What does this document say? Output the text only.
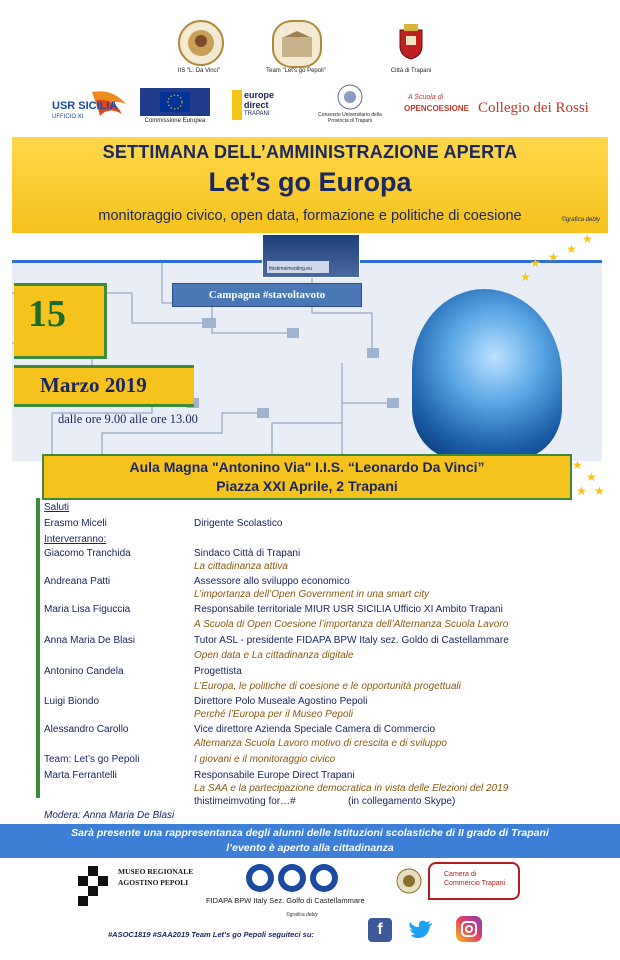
IIS "L. Da Vinci"	Team "Let's go Pepoli"	Città di Trapani
USR SICILIA
UFFICIO XI
Commissione Europea
europe
direct
TRAPANI	Consorzio Universitario della Provincia di Trapani
A Scuola di
OPENCOESIONE Collegio dei Rossi
SETTIMANA DELL’AMMINISTRAZIONE APERTA
Let’s go Europa
monitoraggio civico, open data, formazione e politiche di coesione	©grafica debly
thistimeimvoting.eu
Campagna #stavoltavoto
15
Marzo 2019
dalle ore 9.00 alle ore 13.00
★
★
★
★
★
★
★
★ ★
Aula Magna "Antonino Via" I.I.S. “Leonardo Da Vinci”
Piazza XXI Aprile, 2 Trapani
Saluti
Erasmo Miceli	Dirigente Scolastico
Interverranno:
Giacomo Tranchida	Sindaco Città di Trapani
La cittadinanza attiva
Andreana Patti	Assessore allo sviluppo economico
L’importanza dell’Open Government in una smart city
Maria Lisa Figuccia	Responsabile territoriale MIUR USR SICILIA Ufficio XI Ambito Trapani
A Scuola di Open Coesione l’importanza dell’Alternanza Scuola Lavoro
Anna Maria De Blasi	Tutor ASL - presidente FIDAPA BPW Italy sez. Goldo di Castellammare
Open data e La cittadinanza digitale
Antonino Candela	Progettista
L’Europa, le politiche di coesione e le opportunità progettuali
Luigi Biondo	Direttore Polo Museale Agostino Pepoli
Perché l’Europa per il Museo Pepoli
Alessandro Carollo	Vice direttore Azienda Speciale Camera di Commercio
Alternanza Scuola Lavoro motivo di crescita e di sviluppo
Team: Let’s go Pepoli	I giovani e il monitoraggio civico
Marta Ferrantelli	Responsabile Europe Direct Trapani
La SAA e la partecipazione democratica in vista delle Elezioni del 2019
thistimeimvoting for…#	(in collegamento Skype)
Modera: Anna Maria De Blasi
Sarà presente una rappresentanza degli alunni delle Istituzioni scolastiche di II grado di Trapani
l’evento è aperto alla cittadinanza
MUSEO REGIONALE AGOSTINO PEPOLI
FIDAPA BPW Italy Sez. Golfo di Castellammare
Camera di Commercio Trapani
©grafica debly
#ASOC1819 #SAA2019 Team Let’s go Pepoli seguiteci su:	f
